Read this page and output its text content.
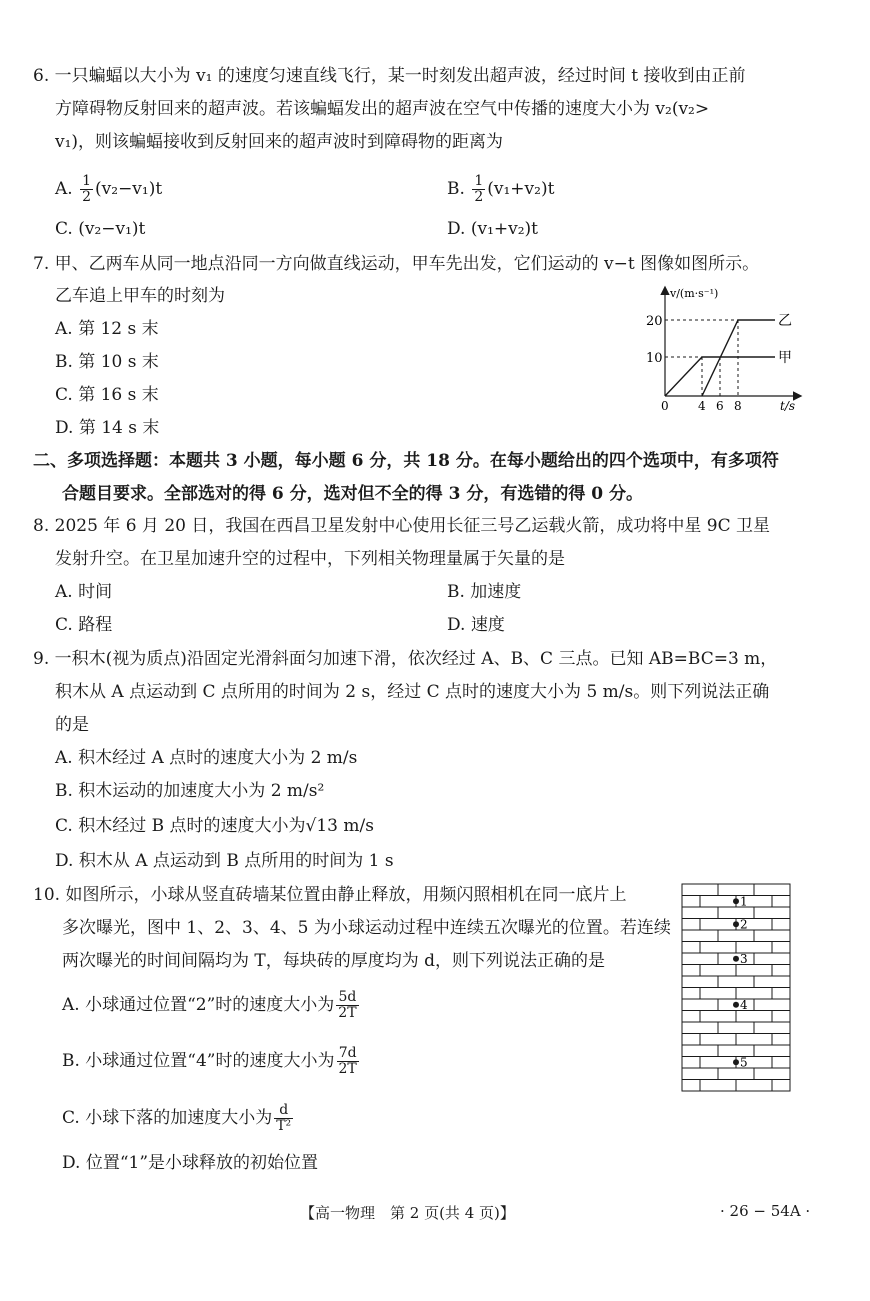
6. 一只蝙蝠以大小为 v₁ 的速度匀速直线飞行，某一时刻发出超声波，经过时间 t 接收到由正前
方障碍物反射回来的超声波。若该蝙蝠发出的超声波在空气中传播的速度大小为 v₂(v₂>
v₁)，则该蝙蝠接收到反射回来的超声波时到障碍物的距离为
A. $\frac{1}{2} (v_2-v_1)t$	B. $\frac{1}{2} (v_1+v_2)t$
C. (v₂−v₁)t	D. (v₁+v₂)t
7. 甲、乙两车从同一地点沿同一方向做直线运动，甲车先出发，它们运动的 v−t 图像如图所示。
乙车追上甲车的时刻为
A. 第 12 s 末
B. 第 10 s 末
C. 第 16 s 末
D. 第 14 s 末
v/(m·s⁻¹)
t/s
20
10
0 4 6 8
乙
甲
二、多项选择题：本题共 3 小题，每小题 6 分，共 18 分。在每小题给出的四个选项中，有多项符
合题目要求。全部选对的得 6 分，选对但不全的得 3 分，有选错的得 0 分。
8. 2025 年 6 月 20 日，我国在西昌卫星发射中心使用长征三号乙运载火箭，成功将中星 9C 卫星
发射升空。在卫星加速升空的过程中，下列相关物理量属于矢量的是
A. 时间	B. 加速度
C. 路程	D. 速度
9. 一积木(视为质点)沿固定光滑斜面匀加速下滑，依次经过 A、B、C 三点。已知 AB=BC=3 m，
积木从 A 点运动到 C 点所用的时间为 2 s，经过 C 点时的速度大小为 5 m/s。则下列说法正确
的是
A. 积木经过 A 点时的速度大小为 2 m/s
B. 积木运动的加速度大小为 2 m/s²
C. 积木经过 B 点时的速度大小为√13 m/s
D. 积木从 A 点运动到 B 点所用的时间为 1 s
10. 如图所示，小球从竖直砖墙某位置由静止释放，用频闪照相机在同一底片上
多次曝光，图中 1、2、3、4、5 为小球运动过程中连续五次曝光的位置。若连续
两次曝光的时间间隔均为 T，每块砖的厚度均为 d，则下列说法正确的是
A. 小球通过位置“2”时的速度大小为 $\frac{5d}{2T}$
B. 小球通过位置“4”时的速度大小为 $\frac{7d}{2T}$
C. 小球下落的加速度大小为 $\frac{d}{\text{T²}}$
D. 位置“1”是小球释放的初始位置
1
2
3
4
5
【高一物理　第 2 页(共 4 页)】	· 26 − 54A ·
